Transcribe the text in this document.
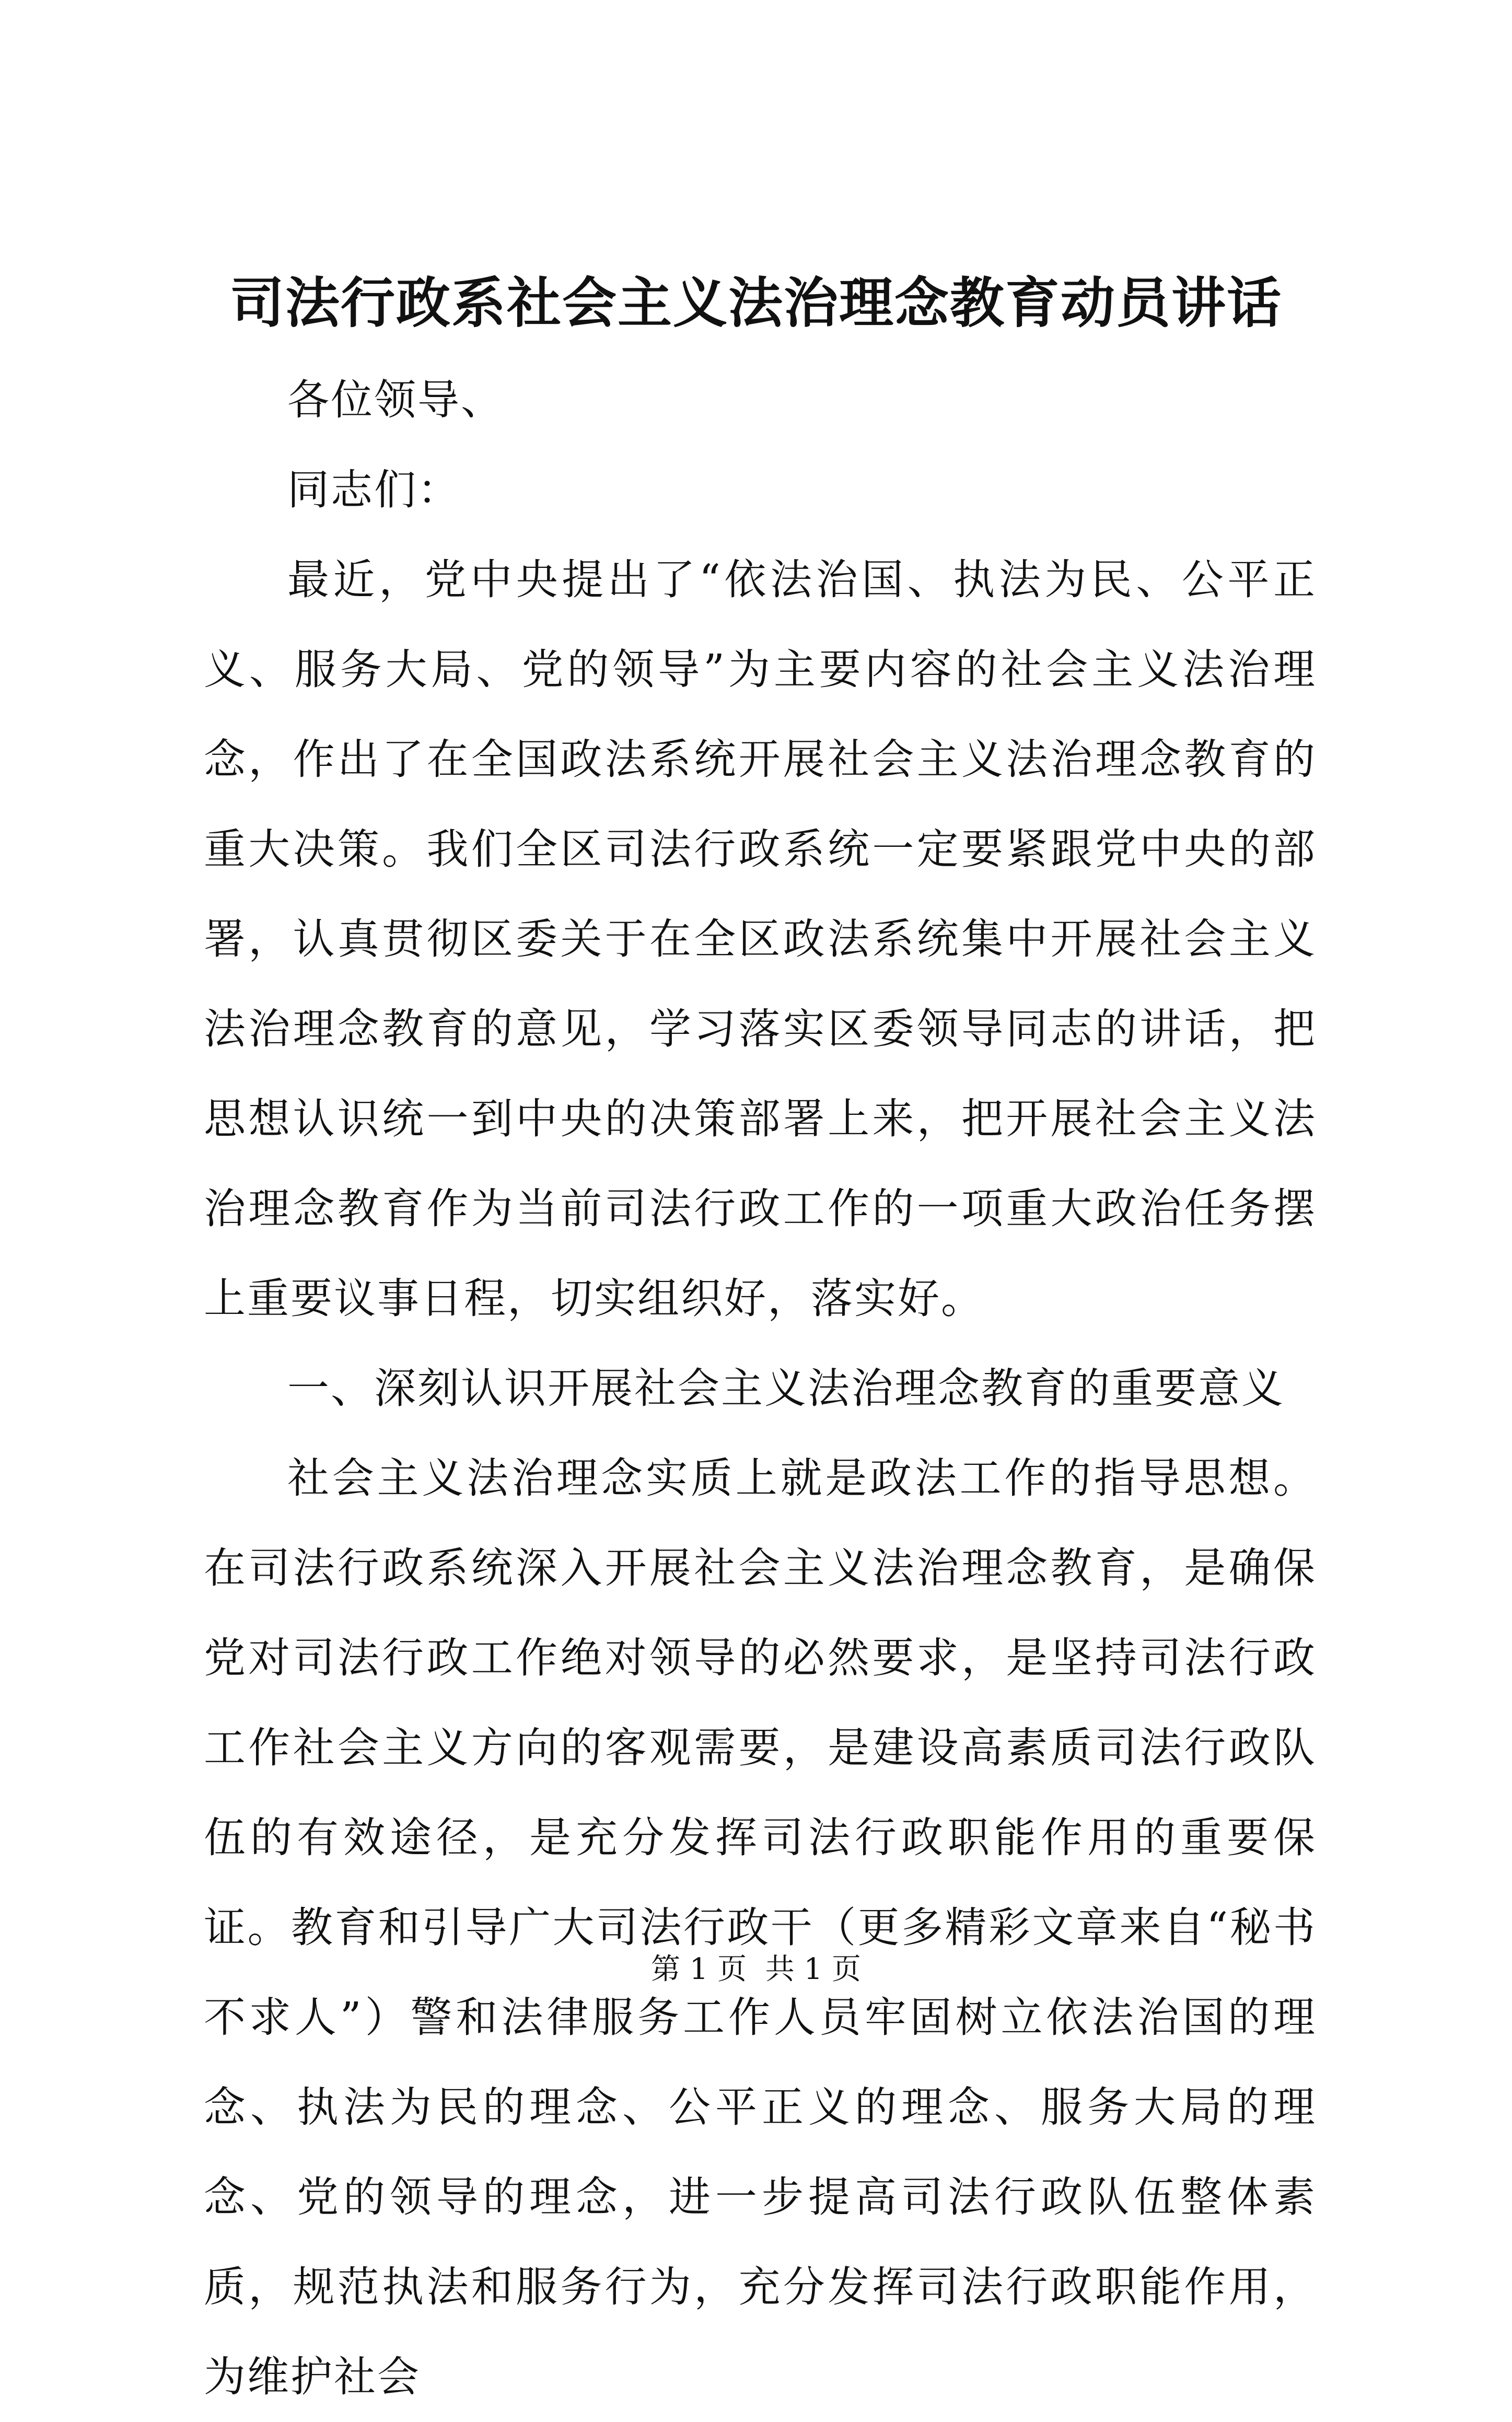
司法行政系社会主义法治理念教育动员讲话

各位领导、

同志们：

最近，党中央提出了“依法治国、执法为民、公平正义、服务大局、党的领导”为主要内容的社会主义法治理念，作出了在全国政法系统开展社会主义法治理念教育的重大决策。我们全区司法行政系统一定要紧跟党中央的部署，认真贯彻区委关于在全区政法系统集中开展社会主义法治理念教育的意见，学习落实区委领导同志的讲话，把思想认识统一到中央的决策部署上来，把开展社会主义法治理念教育作为当前司法行政工作的一项重大政治任务摆上重要议事日程，切实组织好，落实好。

一、深刻认识开展社会主义法治理念教育的重要意义

社会主义法治理念实质上就是政法工作的指导思想。在司法行政系统深入开展社会主义法治理念教育，是确保党对司法行政工作绝对领导的必然要求，是坚持司法行政工作社会主义方向的客观需要，是建设高素质司法行政队伍的有效途径，是充分发挥司法行政职能作用的重要保证。教育和引导广大司法行政干（更多精彩文章来自“秘书不求人”）警和法律服务工作人员牢固树立依法治国的理念、执法为民的理念、公平正义的理念、服务大局的理念、党的领导的理念，进一步提高司法行政队伍整体素质，规范执法和服务行为，充分发挥司法行政职能作用，为维护社会

第 1 页 共 1 页
